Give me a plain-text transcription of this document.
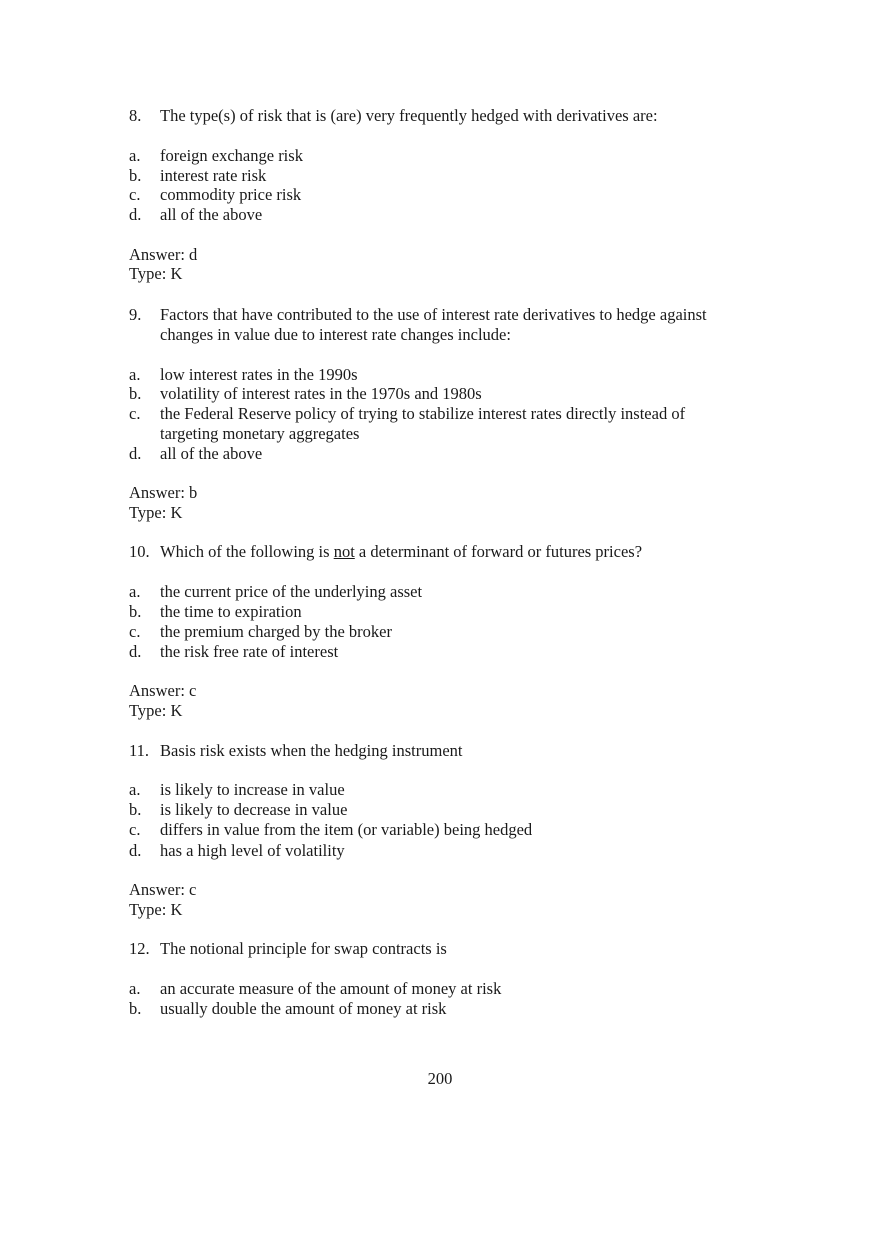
8. The type(s) of risk that is (are) very frequently hedged with derivatives are:
a. foreign exchange risk
b. interest rate risk
c. commodity price risk
d. all of the above
Answer: d
Type: K
9. Factors that have contributed to the use of interest rate derivatives to hedge against
changes in value due to interest rate changes include:
a. low interest rates in the 1990s
b. volatility of interest rates in the 1970s and 1980s
c. the Federal Reserve policy of trying to stabilize interest rates directly instead of
targeting monetary aggregates
d. all of the above
Answer: b
Type: K
10. Which of the following is not a determinant of forward or futures prices?
a. the current price of the underlying asset
b. the time to expiration
c. the premium charged by the broker
d. the risk free rate of interest
Answer: c
Type: K
11. Basis risk exists when the hedging instrument
a. is likely to increase in value
b. is likely to decrease in value
c. differs in value from the item (or variable) being hedged
d. has a high level of volatility
Answer: c
Type: K
12. The notional principle for swap contracts is
a. an accurate measure of the amount of money at risk
b. usually double the amount of money at risk
200
